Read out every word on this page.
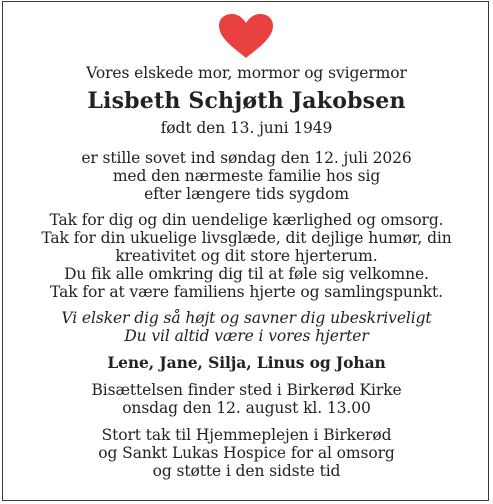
Vores elskede mor, mormor og svigermor
Lisbeth Schjøth Jakobsen
født den 13. juni 1949
er stille sovet ind søndag den 12. juli 2026
med den nærmeste familie hos sig
efter længere tids sygdom
Tak for dig og din uendelige kærlighed og omsorg.
Tak for din ukuelige livsglæde, dit dejlige humør, din
kreativitet og dit store hjerterum.
Du fik alle omkring dig til at føle sig velkomne.
Tak for at være familiens hjerte og samlingspunkt.
Vi elsker dig så højt og savner dig ubeskriveligt
Du vil altid være i vores hjerter
Lene, Jane, Silja, Linus og Johan
Bisættelsen finder sted i Birkerød Kirke
onsdag den 12. august kl. 13.00
Stort tak til Hjemmeplejen i Birkerød
og Sankt Lukas Hospice for al omsorg
og støtte i den sidste tid
